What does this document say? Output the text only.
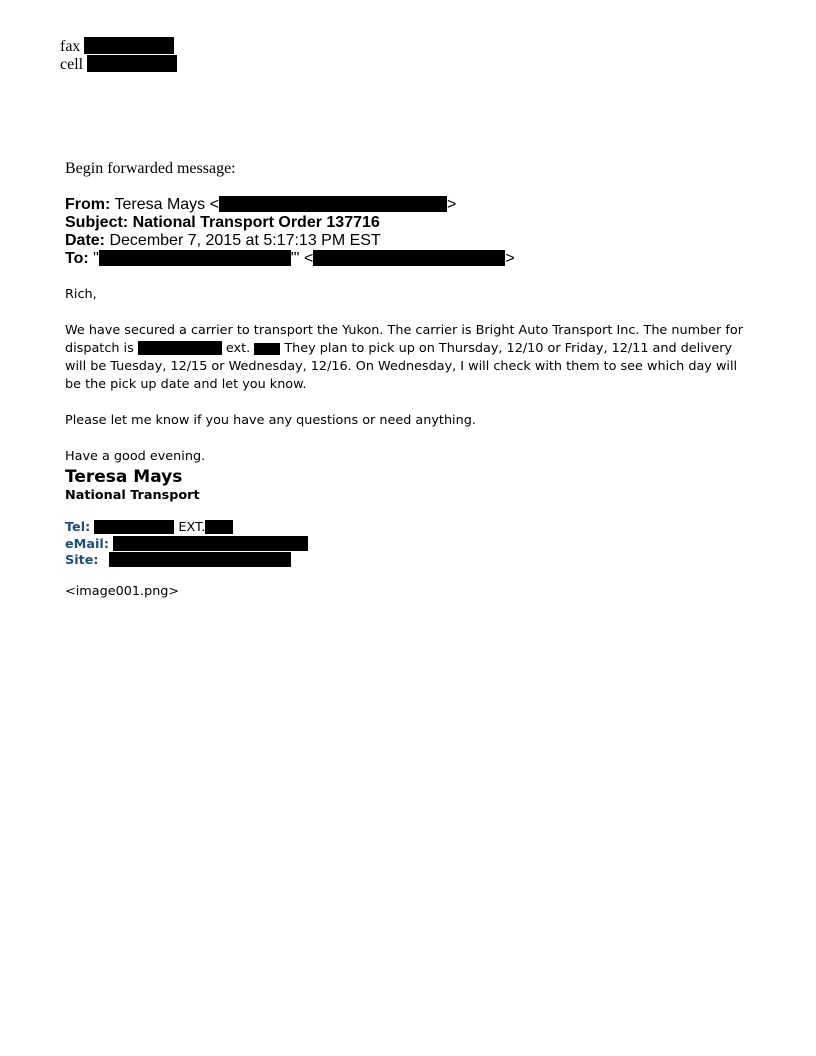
fax
cell
Begin forwarded message:
From: Teresa Mays <	>
Subject: National Transport Order 137716
Date: December 7, 2015 at 5:17:13 PM EST
To: "	"' <	>
Rich,
We have secured a carrier to transport the Yukon. The carrier is Bright Auto Transport Inc. The number for dispatch is	ext.  They plan to pick up on Thursday, 12/10 or Friday, 12/11 and delivery will be Tuesday, 12/15 or Wednesday, 12/16. On Wednesday, I will check with them to see which day will be the pick up date and let you know.
Please let me know if you have any questions or need anything.
Have a good evening.
Teresa Mays
National Transport
Tel:	EXT.
eMail:
Site:
<image001.png>
